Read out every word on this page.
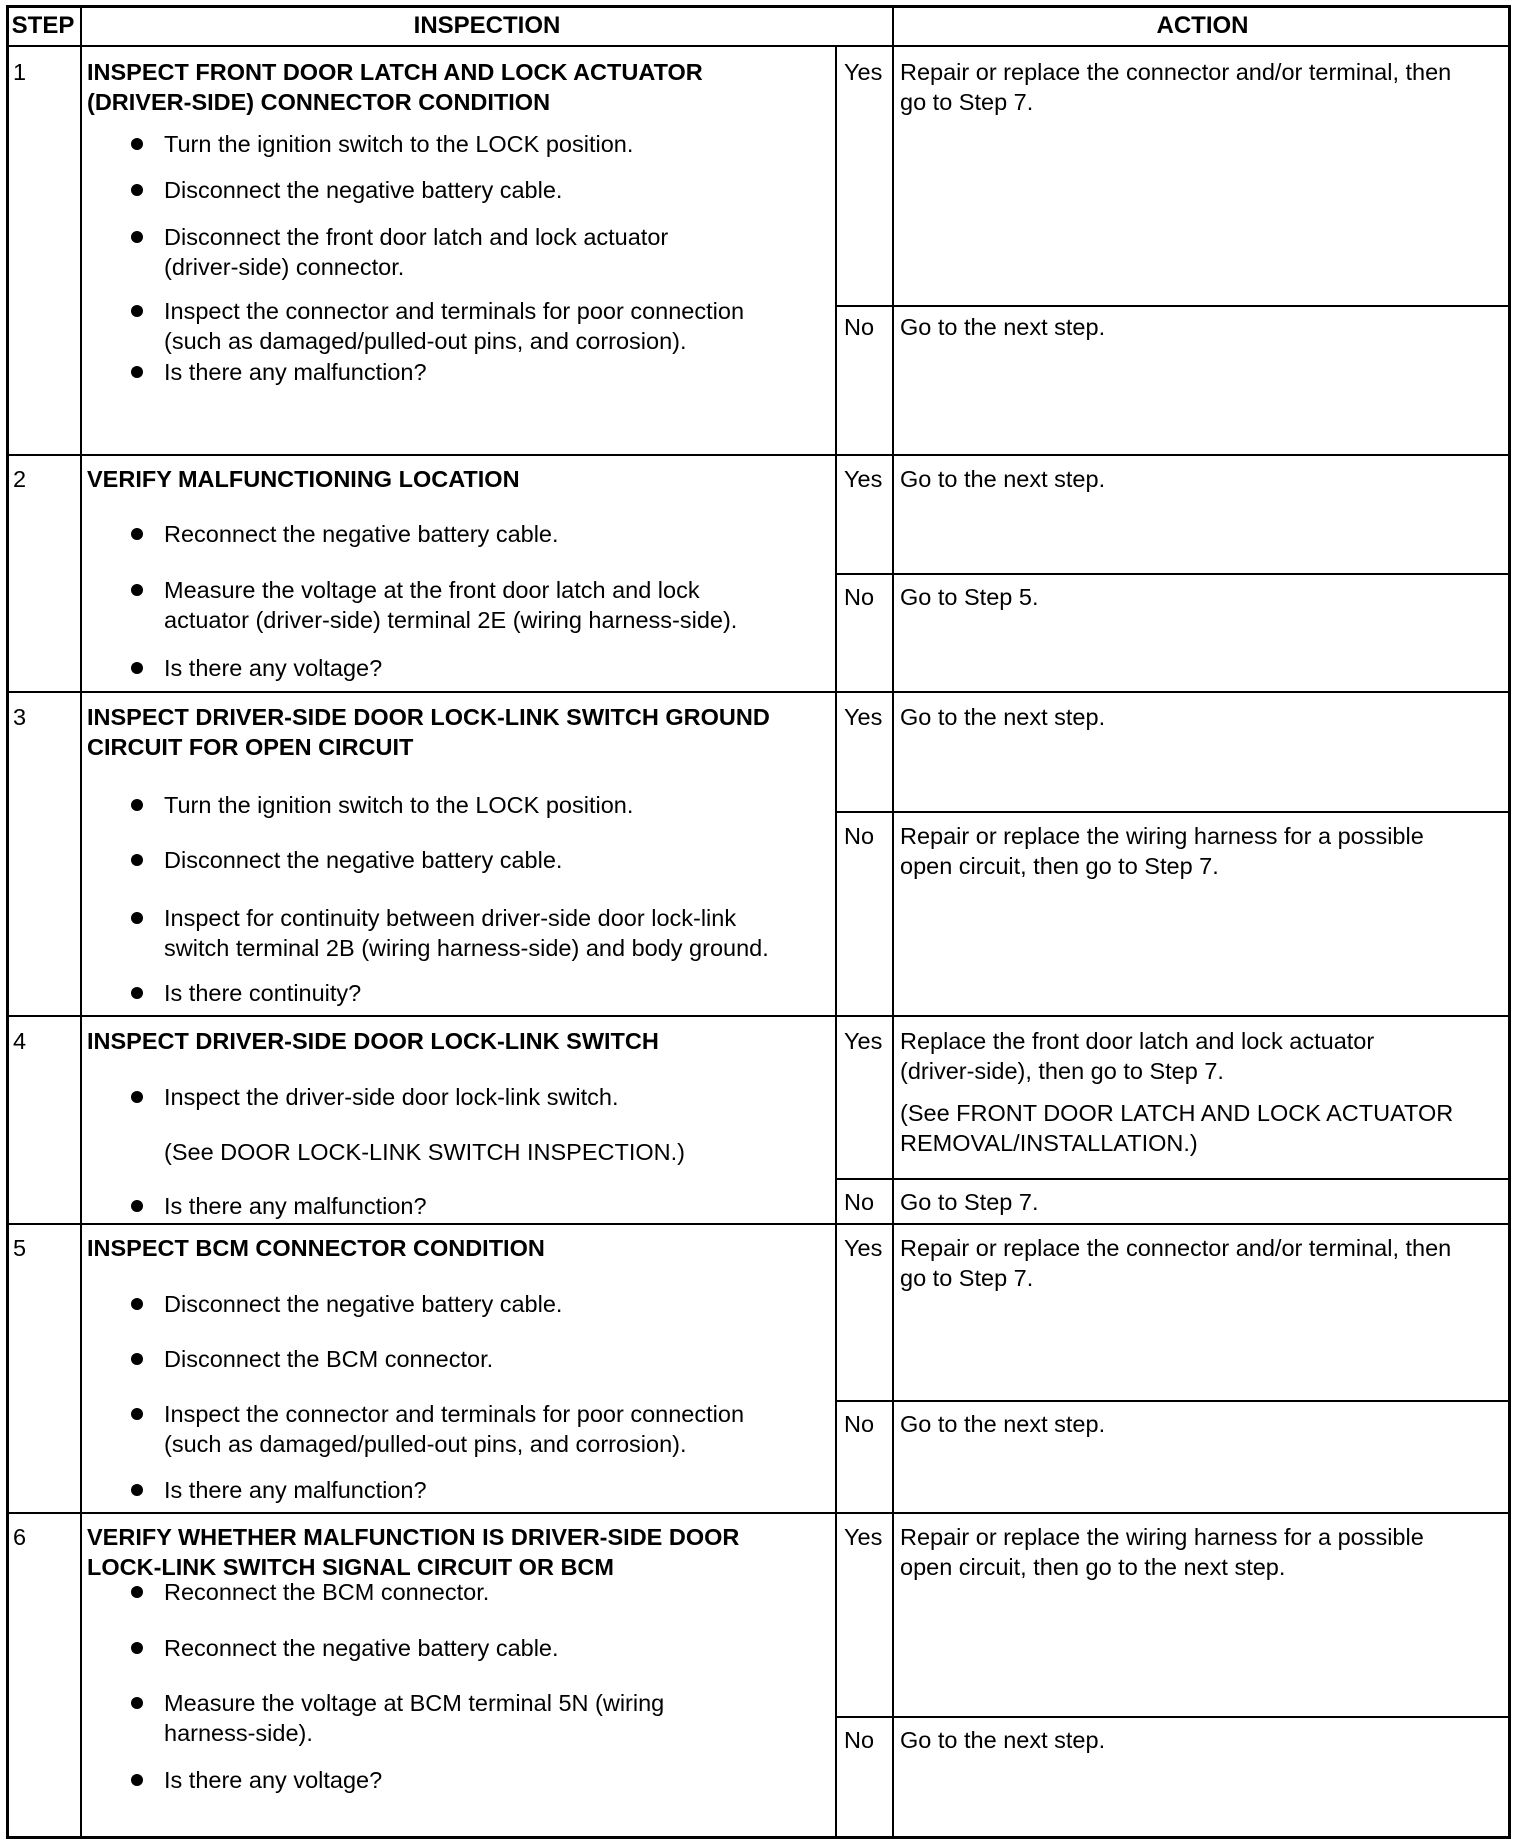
STEP	INSPECTION	ACTION
1	INSPECT FRONT DOOR LATCH AND LOCK ACTUATOR
(DRIVER-SIDE) CONNECTOR CONDITION
Turn the ignition switch to the LOCK position.
Disconnect the negative battery cable.
Disconnect the front door latch and lock actuator
(driver-side) connector.
Inspect the connector and terminals for poor connection
(such as damaged/pulled-out pins, and corrosion).
Is there any malfunction?
Yes Repair or replace the connector and/or terminal, then
go to Step 7.
No Go to the next step.
2	VERIFY MALFUNCTIONING LOCATION
Reconnect the negative battery cable.
Measure the voltage at the front door latch and lock
actuator (driver-side) terminal 2E (wiring harness-side).
Is there any voltage?
Yes Go to the next step.
No Go to Step 5.
3	INSPECT DRIVER-SIDE DOOR LOCK-LINK SWITCH GROUND
CIRCUIT FOR OPEN CIRCUIT
Turn the ignition switch to the LOCK position.
Disconnect the negative battery cable.
Inspect for continuity between driver-side door lock-link
switch terminal 2B (wiring harness-side) and body ground.
Is there continuity?
Yes Go to the next step.
No Repair or replace the wiring harness for a possible
open circuit, then go to Step 7.
4	INSPECT DRIVER-SIDE DOOR LOCK-LINK SWITCH
Inspect the driver-side door lock-link switch.
(See DOOR LOCK-LINK SWITCH INSPECTION.)
Is there any malfunction?
Yes Replace the front door latch and lock actuator
(driver-side), then go to Step 7.
(See FRONT DOOR LATCH AND LOCK ACTUATOR
REMOVAL/INSTALLATION.)
No Go to Step 7.
5	INSPECT BCM CONNECTOR CONDITION
Disconnect the negative battery cable.
Disconnect the BCM connector.
Inspect the connector and terminals for poor connection
(such as damaged/pulled-out pins, and corrosion).
Is there any malfunction?
Yes Repair or replace the connector and/or terminal, then
go to Step 7.
No Go to the next step.
6	VERIFY WHETHER MALFUNCTION IS DRIVER-SIDE DOOR
LOCK-LINK SWITCH SIGNAL CIRCUIT OR BCM
Reconnect the BCM connector.
Reconnect the negative battery cable.
Measure the voltage at BCM terminal 5N (wiring
harness-side).
Is there any voltage?
Yes Repair or replace the wiring harness for a possible
open circuit, then go to the next step.
No Go to the next step.
